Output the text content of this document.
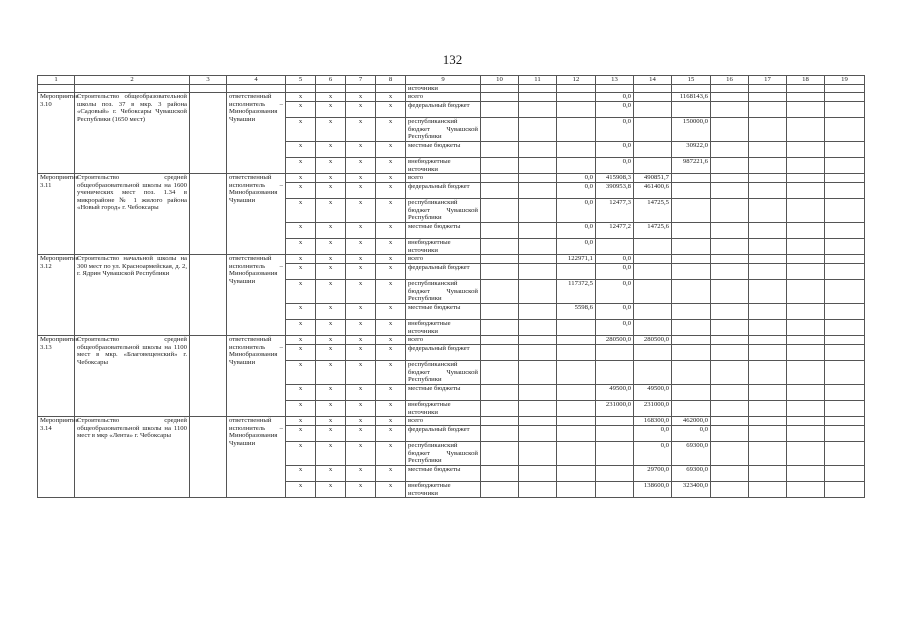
132
1	2	3	4	5	6	7	8	9	10	11	12	13	14	15	16	17	18	19
								источники										
Мероприятие 3.10	Строительство общеобразовательной школы поз. 37 в мкр. 3 района «Садовый» г. Чебоксары Чувашской Республики (1650 мест)		ответственный исполнитель – Минобразования Чувашии	х	х	х	х	всего				0,0		1168143,6				
				х	х	х	х	федеральный бюджет				0,0						
				х	х	х	х	республиканский бюджет Чувашской Республики				0,0		150000,0				
				х	х	х	х	местные бюджеты				0,0		30922,0				
				х	х	х	х	внебюджетные источники				0,0		987221,6				
Мероприятие 3.11	Строительство средней общеобразовательной школы на 1600 ученических мест поз. 1.34 в микрорайоне № 1 жилого района «Новый город» г. Чебоксары		ответственный исполнитель – Минобразования Чувашии	х	х	х	х	всего			0,0	415908,3	490851,7					
				х	х	х	х	федеральный бюджет			0,0	390953,8	461400,6					
				х	х	х	х	республиканский бюджет Чувашской Республики			0,0	12477,3	14725,5					
				х	х	х	х	местные бюджеты			0,0	12477,2	14725,6					
				х	х	х	х	внебюджетные источники			0,0							
Мероприятие 3.12	Строительство начальной школы на 300 мест по ул. Красноармейская, д. 2, г. Ядрин Чувашской Республики		ответственный исполнитель – Минобразования Чувашии	х	х	х	х	всего			122971,1	0,0						
				х	х	х	х	федеральный бюджет				0,0						
				х	х	х	х	республиканский бюджет Чувашской Республики			117372,5	0,0						
				х	х	х	х	местные бюджеты			5598,6	0,0						
				х	х	х	х	внебюджетные источники				0,0						
Мероприятие 3.13	Строительство средней общеобразовательной школы на 1100 мест в мкр. «Благовещенский» г. Чебоксары		ответственный исполнитель – Минобразования Чувашии	х	х	х	х	всего				280500,0	280500,0					
				х	х	х	х	федеральный бюджет										
				х	х	х	х	республиканский бюджет Чувашской Республики										
				х	х	х	х	местные бюджеты				49500,0	49500,0					
				х	х	х	х	внебюджетные источники				231000,0	231000,0					
Мероприятие 3.14	Строительство средней общеобразовательной школы на 1100 мест в мкр «Лента» г. Чебоксары		ответственный исполнитель – Минобразования Чувашии	х	х	х	х	всего					168300,0	462000,0				
				х	х	х	х	федеральный бюджет					0,0	0,0				
				х	х	х	х	республиканский бюджет Чувашской Республики					0,0	69300,0				
				х	х	х	х	местные бюджеты					29700,0	69300,0				
				х	х	х	х	внебюджетные источники					138600,0	323400,0				
